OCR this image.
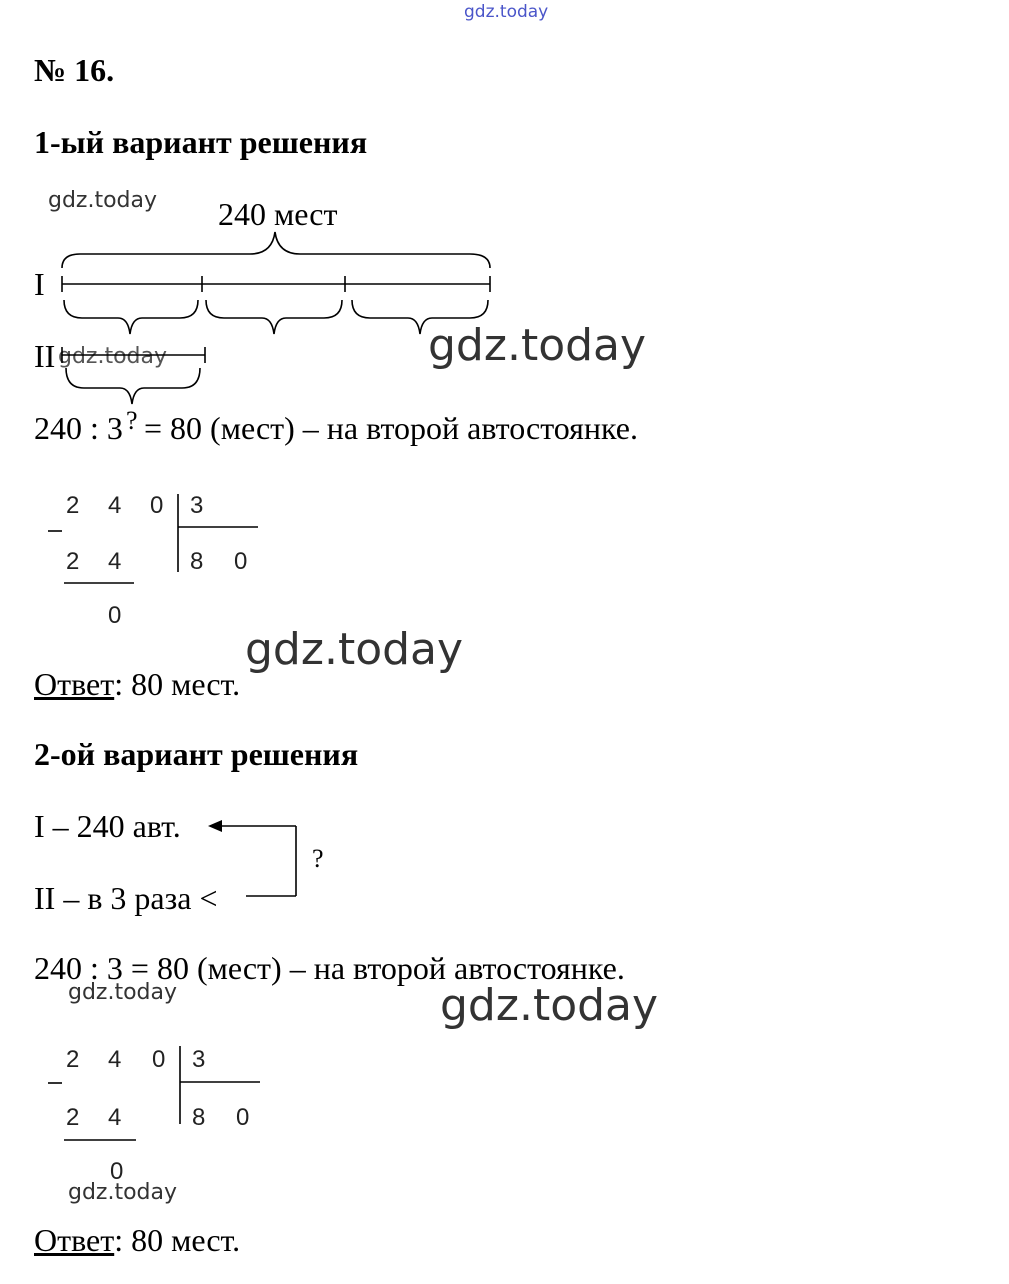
gdz.today
gdz.today
gdz.today
gdz.today
gdz.today
gdz.today	gdz.today
gdz.today
№ 16.
1-ый вариант решения
240 мест
I
II
240 : 3 ? = 80 (мест) – на второй автостоянке.
2 4 0 3
2 4	8 0
0
Ответ: 80 мест.
2-ой вариант решения
I – 240 авт.
?
II – в 3 раза <
240 : 3 = 80 (мест) – на второй автостоянке.
2 4 0 3
2 4	8 0
0
Ответ: 80 мест.
